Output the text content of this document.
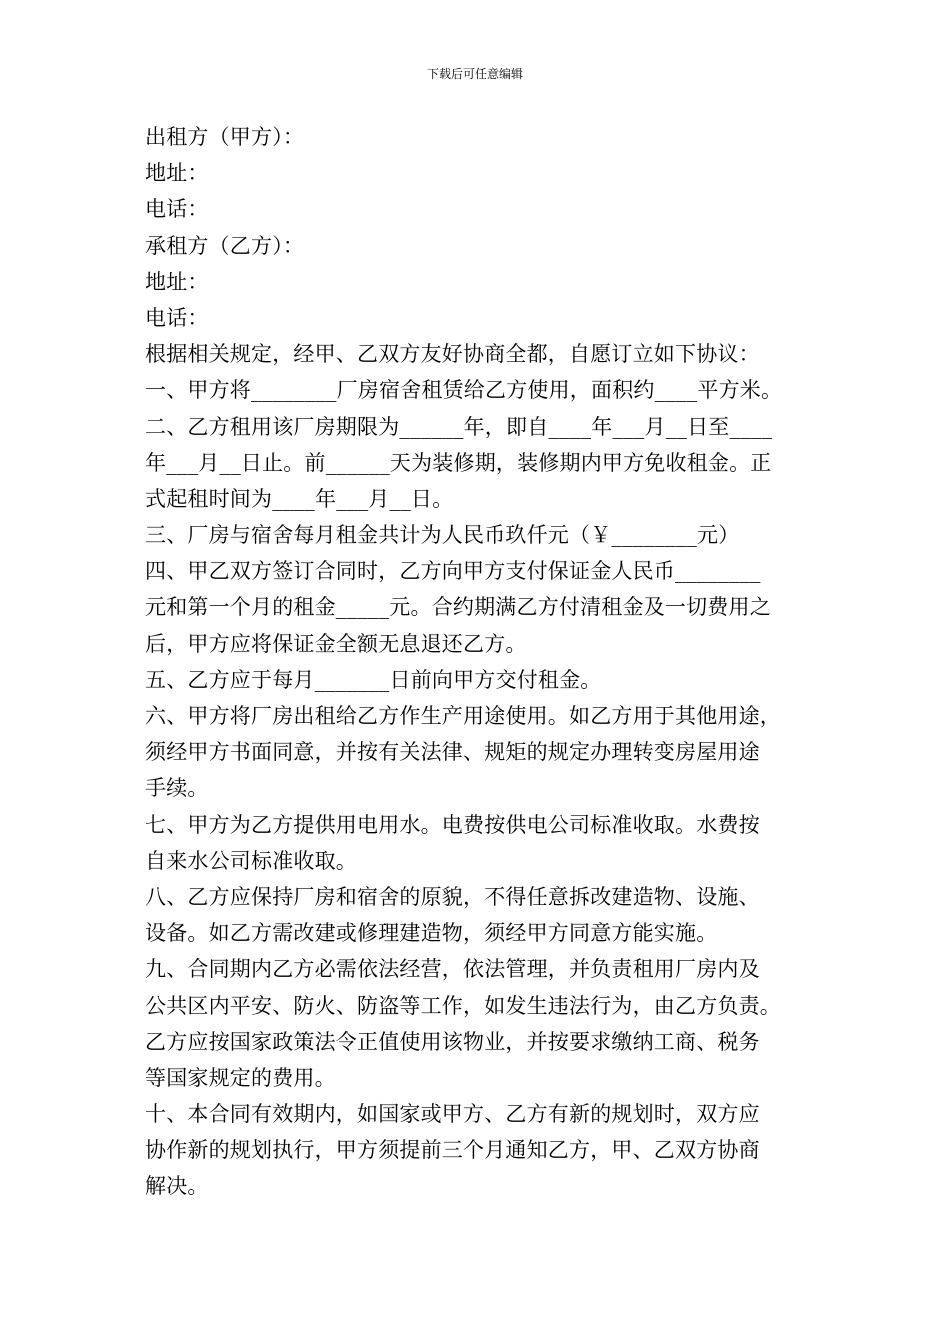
下载后可任意编辑
出租方（甲方）：
地址：
电话：
承租方（乙方）：
地址：
电话：
根据相关规定，经甲、乙双方友好协商全都，自愿订立如下协议：
一、甲方将________厂房宿舍租赁给乙方使用，面积约____平方米。
二、乙方租用该厂房期限为______年，即自____年___月__日至____
年___月__日止。前______天为装修期，装修期内甲方免收租金。正
式起租时间为____年___月__日。
三、厂房与宿舍每月租金共计为人民币玖仟元（￥________元）
四、甲乙双方签订合同时，乙方向甲方支付保证金人民币________
元和第一个月的租金_____元。合约期满乙方付清租金及一切费用之
后，甲方应将保证金全额无息退还乙方。
五、乙方应于每月_______日前向甲方交付租金。
六、甲方将厂房出租给乙方作生产用途使用。如乙方用于其他用途，
须经甲方书面同意，并按有关法律、规矩的规定办理转变房屋用途
手续。
七、甲方为乙方提供用电用水。电费按供电公司标准收取。水费按
自来水公司标准收取。
八、乙方应保持厂房和宿舍的原貌，不得任意拆改建造物、设施、
设备。如乙方需改建或修理建造物，须经甲方同意方能实施。
九、合同期内乙方必需依法经营，依法管理，并负责租用厂房内及
公共区内平安、防火、防盗等工作，如发生违法行为，由乙方负责。
乙方应按国家政策法令正值使用该物业，并按要求缴纳工商、税务
等国家规定的费用。
十、本合同有效期内，如国家或甲方、乙方有新的规划时，双方应
协作新的规划执行，甲方须提前三个月通知乙方，甲、乙双方协商
解决。
